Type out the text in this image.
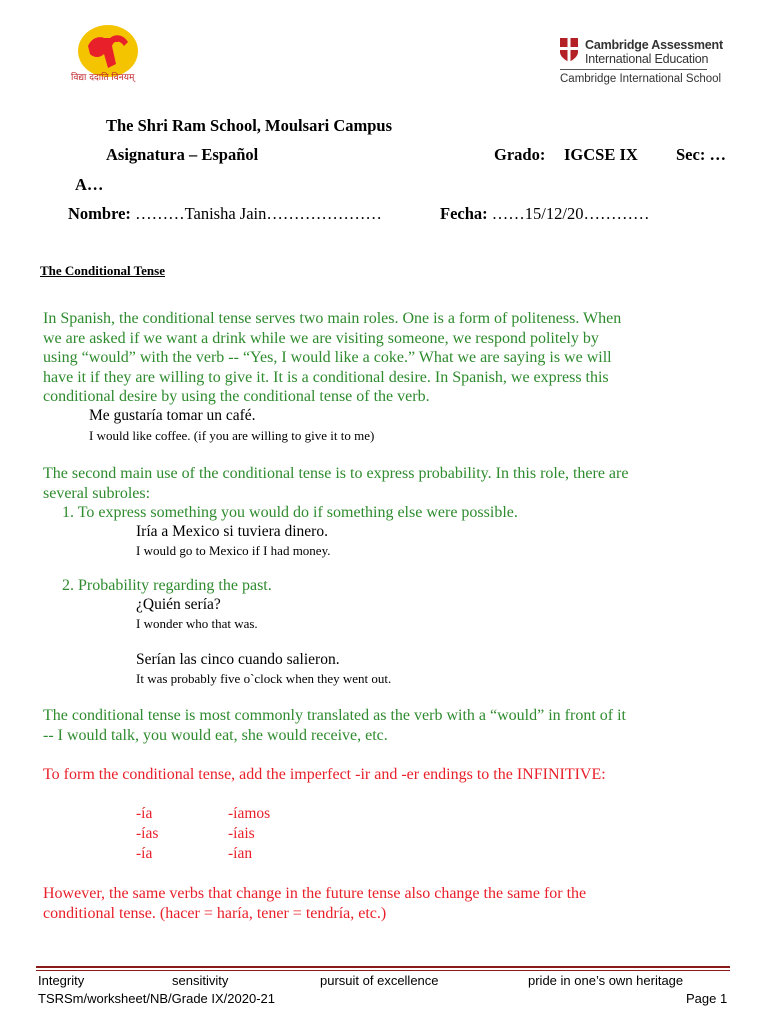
विद्या ददाति विनयम्
Cambridge Assessment
International Education
Cambridge International School
The Shri Ram School, Moulsari Campus
Asignatura – Español	Grado: IGCSE IX Sec: …
A…
Nombre: ………Tanisha Jain…………………	Fecha: ……15/12/20…………
The Conditional Tense
In Spanish, the conditional tense serves two main roles. One is a form of politeness. When
we are asked if we want a drink while we are visiting someone, we respond politely by
using “would” with the verb -- “Yes, I would like a coke.” What we are saying is we will
have it if they are willing to give it. It is a conditional desire. In Spanish, we express this
conditional desire by using the conditional tense of the verb.
Me gustaría tomar un café.
I would like coffee. (if you are willing to give it to me)
The second main use of the conditional tense is to express probability. In this role, there are
several subroles:
1. To express something you would do if something else were possible.
Iría a Mexico si tuviera dinero.
I would go to Mexico if I had money.
2. Probability regarding the past.
¿Quién sería?
I wonder who that was.
Serían las cinco cuando salieron.
It was probably five o`clock when they went out.
The conditional tense is most commonly translated as the verb with a “would” in front of it
-- I would talk, you would eat, she would receive, etc.
To form the conditional tense, add the imperfect -ir and -er endings to the INFINITIVE:
-ía	-íamos
-ías	-íais
-ía	-ían
However, the same verbs that change in the future tense also change the same for the
conditional tense. (hacer = haría, tener = tendría, etc.)
Integrity	sensitivity	pursuit of excellence	pride in one’s own heritage
TSRSm/worksheet/NB/Grade IX/2020-21	Page 1
